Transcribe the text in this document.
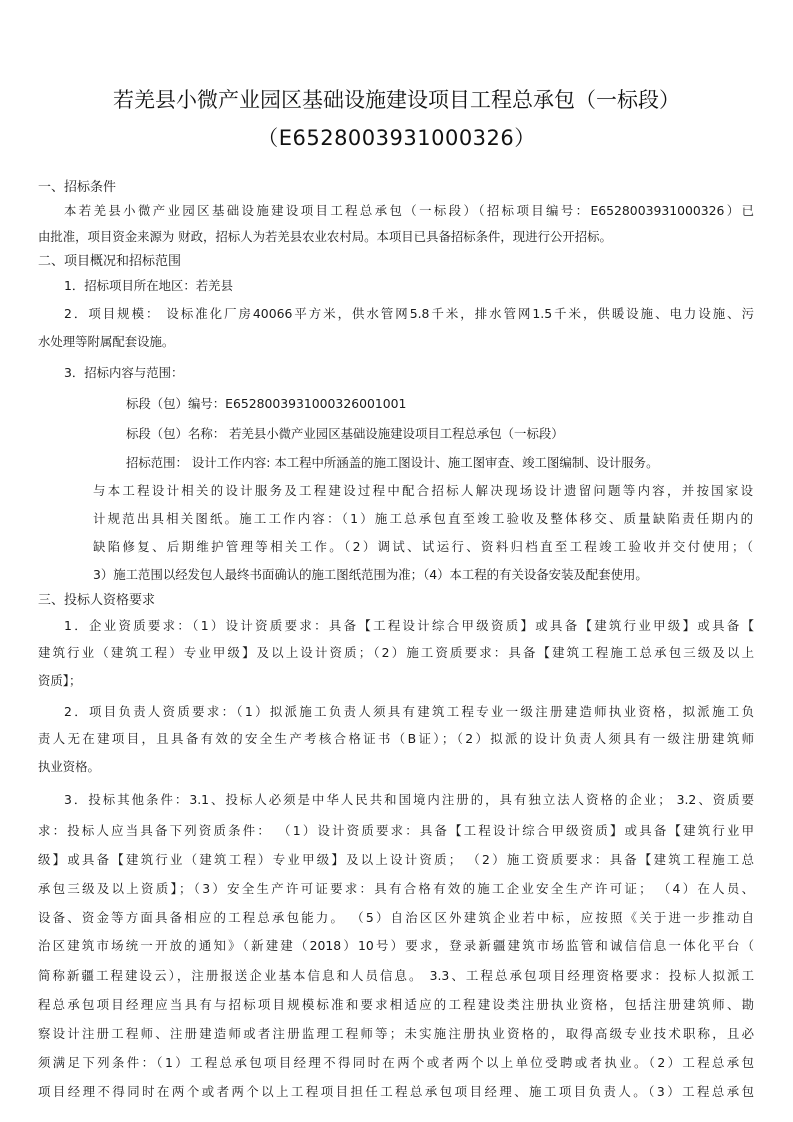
若羌县小微产业园区基础设施建设项目工程总承包（一标段）
（E6528003931000326）
一、招标条件
本若羌县小微产业园区基础设施建设项目工程总承包（一标段）（招标项目编号：E6528003931000326）已
由批准，项目资金来源为 财政，招标人为若羌县农业农村局。本项目已具备招标条件，现进行公开招标。
二、项目概况和招标范围
1．招标项目所在地区：若羌县
2．项目规模： 设标准化厂房40066平方米，供水管网5.8千米，排水管网1.5千米，供暖设施、电力设施、污
水处理等附属配套设施。
3．招标内容与范围：
标段（包）编号：E6528003931000326001001
标段（包）名称： 若羌县小微产业园区基础设施建设项目工程总承包（一标段）
招标范围： 设计工作内容: 本工程中所涵盖的施工图设计、施工图审查、竣工图编制、设计服务。
与本工程设计相关的设计服务及工程建设过程中配合招标人解决现场设计遗留问题等内容，并按国家设
计规范出具相关图纸。施工工作内容：（1）施工总承包直至竣工验收及整体移交、质量缺陷责任期内的
缺陷修复、后期维护管理等相关工作。（2）调试、试运行、资料归档直至工程竣工验收并交付使用；（
3）施工范围以经发包人最终书面确认的施工图纸范围为准；（4）本工程的有关设备安装及配套使用。
三、投标人资格要求
1．企业资质要求：（1）设计资质要求：具备【工程设计综合甲级资质】或具备【建筑行业甲级】或具备【
建筑行业（建筑工程）专业甲级】及以上设计资质；（2）施工资质要求：具备【建筑工程施工总承包三级及以上
资质】；
2．项目负责人资质要求：（1）拟派施工负责人须具有建筑工程专业一级注册建造师执业资格，拟派施工负
责人无在建项目，且具备有效的安全生产考核合格证书（B证）；（2）拟派的设计负责人须具有一级注册建筑师
执业资格。
3．投标其他条件：3.1、投标人必须是中华人民共和国境内注册的，具有独立法人资格的企业； 3.2、资质要
求：投标人应当具备下列资质条件： （1）设计资质要求：具备【工程设计综合甲级资质】或具备【建筑行业甲
级】或具备【建筑行业（建筑工程）专业甲级】及以上设计资质； （2）施工资质要求：具备【建筑工程施工总
承包三级及以上资质】；（3）安全生产许可证要求：具有合格有效的施工企业安全生产许可证； （4）在人员、
设备、资金等方面具备相应的工程总承包能力。 （5）自治区区外建筑企业若中标，应按照《关于进一步推动自
治区建筑市场统一开放的通知》（新建建（2018）10号）要求，登录新疆建筑市场监管和诚信信息一体化平台（
简称新疆工程建设云），注册报送企业基本信息和人员信息。 3.3、工程总承包项目经理资格要求：投标人拟派工
程总承包项目经理应当具有与招标项目规模标准和要求相适应的工程建设类注册执业资格，包括注册建筑师、勘
察设计注册工程师、注册建造师或者注册监理工程师等；未实施注册执业资格的，取得高级专业技术职称，且必
须满足下列条件：（1）工程总承包项目经理不得同时在两个或者两个以上单位受聘或者执业。（2）工程总承包
项目经理不得同时在两个或者两个以上工程项目担任工程总承包项目经理、施工项目负责人。（3）工程总承包
